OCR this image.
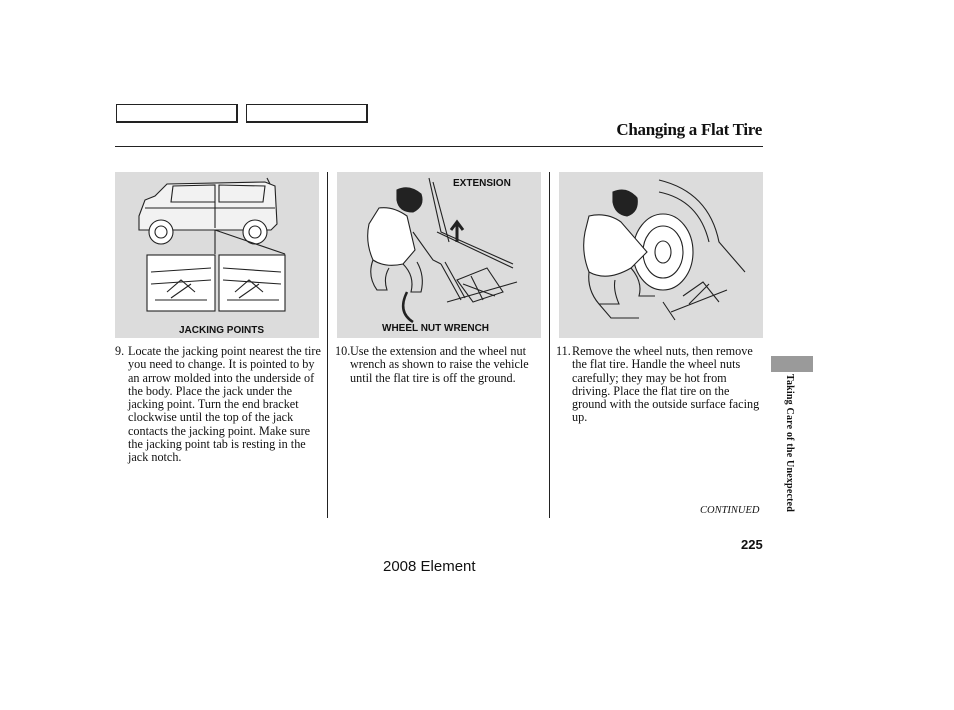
Changing a Flat Tire
JACKING POINTS
EXTENSION
WHEEL NUT WRENCH
9. Locate the jacking point nearest the tire you need to change. It is pointed to by an arrow molded into the underside of the body. Place the jack under the jacking point. Turn the end bracket clockwise until the top of the jack contacts the jacking point. Make sure the jacking point tab is resting in the jack notch.
10. Use the extension and the wheel nut wrench as shown to raise the vehicle until the flat tire is off the ground.
11. Remove the wheel nuts, then remove the flat tire. Handle the wheel nuts carefully; they may be hot from driving. Place the flat tire on the ground with the outside surface facing up.
CONTINUED
225
2008 Element
Taking Care of the Unexpected
